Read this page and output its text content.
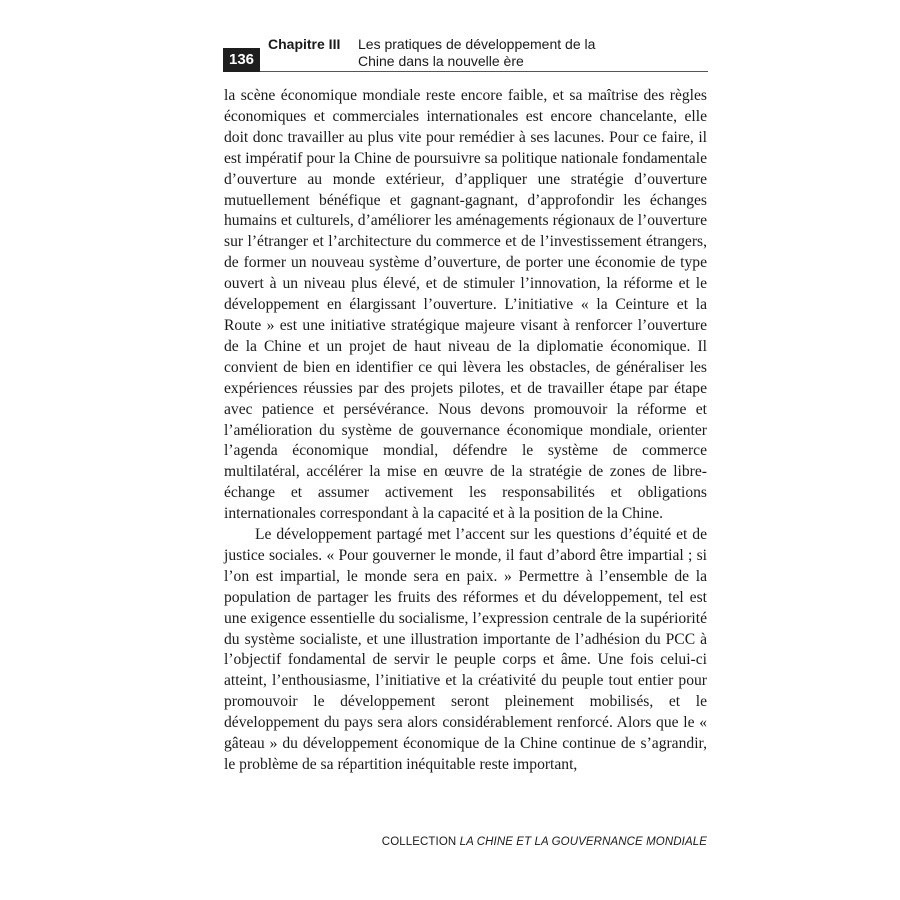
136
Chapitre III Les pratiques de développement de la
Chine dans la nouvelle ère

la scène économique mondiale reste encore faible, et sa maîtrise des règles économiques et commerciales internationales est encore chancelante, elle doit donc travailler au plus vite pour remédier à ses lacunes. Pour ce faire, il est impératif pour la Chine de poursuivre sa politique nationale fondamentale d’ouverture au monde extérieur, d’appliquer une stratégie d’ouverture mutuellement bénéfique et gagnant-gagnant, d’approfondir les échanges humains et culturels, d’améliorer les aménagements régionaux de l’ouverture sur l’étranger et l’architecture du commerce et de l’investissement étrangers, de former un nouveau système d’ouverture, de porter une économie de type ouvert à un niveau plus élevé, et de stimuler l’innovation, la réforme et le développement en élargissant l’ouverture. L’initiative « la Ceinture et la Route » est une initiative stratégique majeure visant à renforcer l’ouverture de la Chine et un projet de haut niveau de la diplomatie économique. Il convient de bien en identifier ce qui lèvera les obstacles, de généraliser les expériences réussies par des projets pilotes, et de travailler étape par étape avec patience et persévérance. Nous devons promouvoir la réforme et l’amélioration du système de gouvernance économique mondiale, orienter l’agenda économique mondial, défendre le système de commerce multilatéral, accélérer la mise en œuvre de la stratégie de zones de libre-échange et assumer activement les responsabilités et obligations internationales correspondant à la capacité et à la position de la Chine.

Le développement partagé met l’accent sur les questions d’équité et de justice sociales. « Pour gouverner le monde, il faut d’abord être impartial ; si l’on est impartial, le monde sera en paix. » Permettre à l’ensemble de la population de partager les fruits des réformes et du développement, tel est une exigence essentielle du socialisme, l’expression centrale de la supériorité du système socialiste, et une illustration importante de l’adhésion du PCC à l’objectif fondamental de servir le peuple corps et âme. Une fois celui-ci atteint, l’enthousiasme, l’initiative et la créativité du peuple tout entier pour promouvoir le développement seront pleinement mobilisés, et le développement du pays sera alors considérablement renforcé. Alors que le « gâteau » du développement économique de la Chine continue de s’agrandir, le problème de sa répartition inéquitable reste important,

COLLECTION LA CHINE ET LA GOUVERNANCE MONDIALE
